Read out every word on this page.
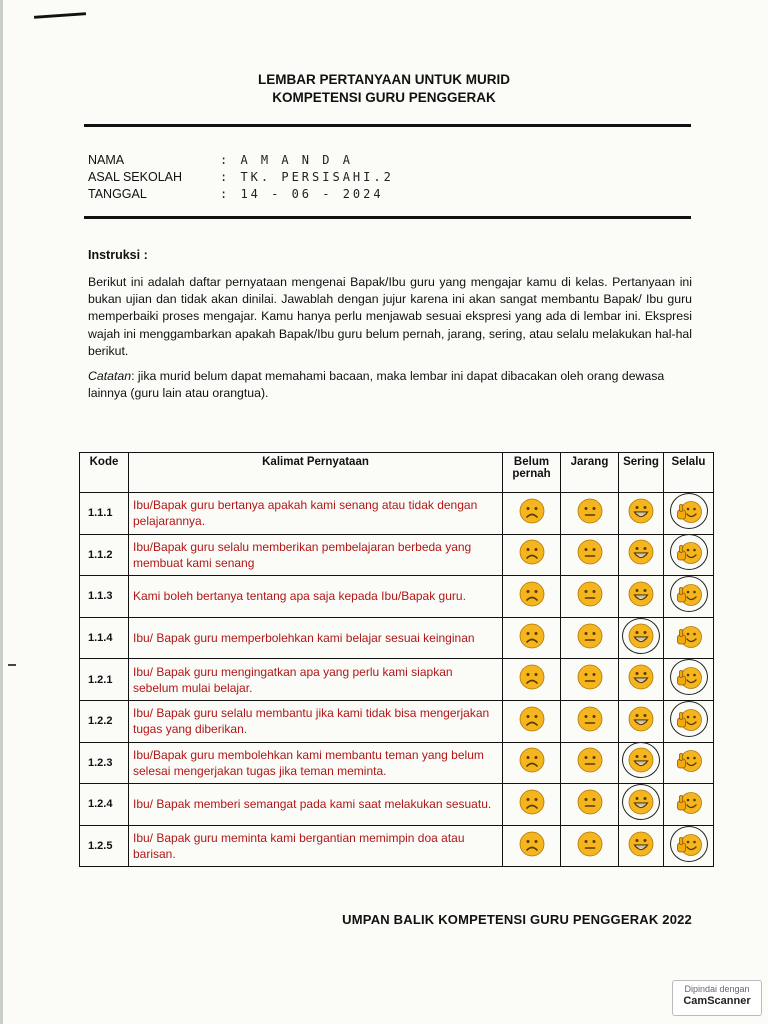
LEMBAR PERTANYAAN UNTUK MURID
KOMPETENSI GURU PENGGERAK
NAMA	: A M A N D A
ASAL SEKOLAH	: TK. PERSISAHI.2
TANGGAL	: 14 - 06 - 2024
Instruksi :
Berikut ini adalah daftar pernyataan mengenai Bapak/Ibu guru yang mengajar kamu di kelas. Pertanyaan ini bukan ujian dan tidak akan dinilai. Jawablah dengan jujur karena ini akan sangat membantu Bapak/ Ibu guru memperbaiki proses mengajar. Kamu hanya perlu menjawab sesuai ekspresi yang ada di lembar ini. Ekspresi wajah ini menggambarkan apakah Bapak/Ibu guru belum pernah, jarang, sering, atau selalu melakukan hal-hal berikut.
Catatan: jika murid belum dapat memahami bacaan, maka lembar ini dapat dibacakan oleh orang dewasa lainnya (guru lain atau orangtua).
Kode	Kalimat Pernyataan	Belum pernah	Jarang	Sering	Selalu
1.1.1	Ibu/Bapak guru bertanya apakah kami senang atau tidak dengan pelajarannya.	

1.1.2	Ibu/Bapak guru selalu memberikan pembelajaran berbeda yang membuat kami senang	

1.1.3	Kami boleh bertanya tentang apa saja kepada Ibu/Bapak guru.	

1.1.4	Ibu/ Bapak guru memperbolehkan kami belajar sesuai keinginan	

1.2.1	Ibu/ Bapak guru mengingatkan apa yang perlu kami siapkan sebelum mulai belajar.	

1.2.2	Ibu/ Bapak guru selalu membantu jika kami tidak bisa mengerjakan tugas yang diberikan.	

1.2.3	Ibu/Bapak guru membolehkan kami membantu teman yang belum selesai mengerjakan tugas jika teman meminta.	

1.2.4	Ibu/ Bapak memberi semangat pada kami saat melakukan sesuatu.	

1.2.5	Ibu/ Bapak guru meminta kami bergantian memimpin doa atau barisan.	

UMPAN BALIK KOMPETENSI GURU PENGGERAK 2022
Dipindai dengan
CamScanner
